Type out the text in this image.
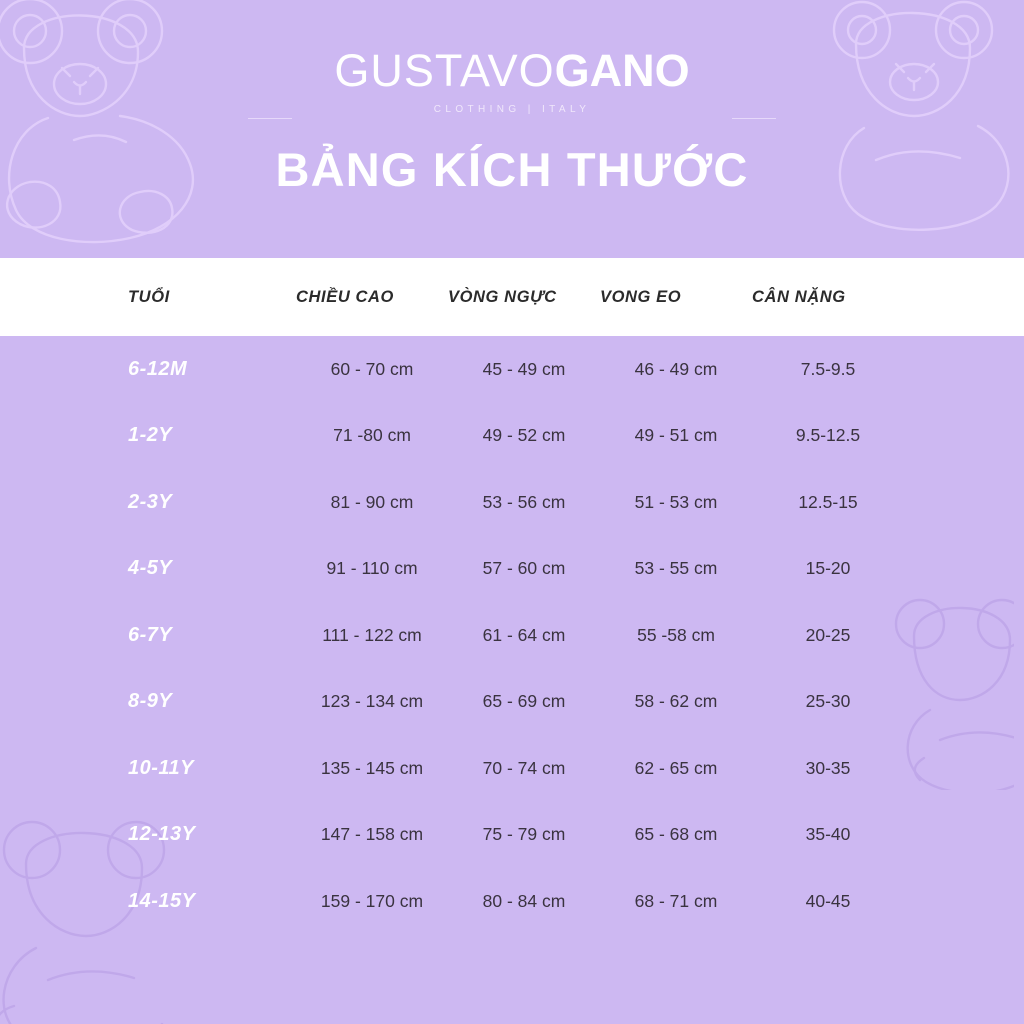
GUSTAVOGANO
CLOTHING | ITALY
BẢNG KÍCH THƯỚC
TUỔI	CHIỀU CAO	VÒNG NGỰC	VONG EO	CÂN NẶNG
6-12M	60 - 70 cm	45 - 49 cm	46 - 49 cm	7.5-9.5
1-2Y	71 -80 cm	49 - 52 cm	49 - 51 cm	9.5-12.5
2-3Y	81 - 90 cm	53 - 56 cm	51 - 53 cm	12.5-15
4-5Y	91 - 110 cm	57 - 60 cm	53 - 55 cm	15-20
6-7Y	111 - 122 cm	61 - 64 cm	55 -58 cm	20-25
8-9Y	123 - 134 cm	65 - 69 cm	58 - 62 cm	25-30
10-11Y	135 - 145 cm	70 - 74 cm	62 - 65 cm	30-35
12-13Y	147 - 158 cm	75 - 79 cm	65 - 68 cm	35-40
14-15Y	159 - 170 cm	80 - 84 cm	68 - 71 cm	40-45
